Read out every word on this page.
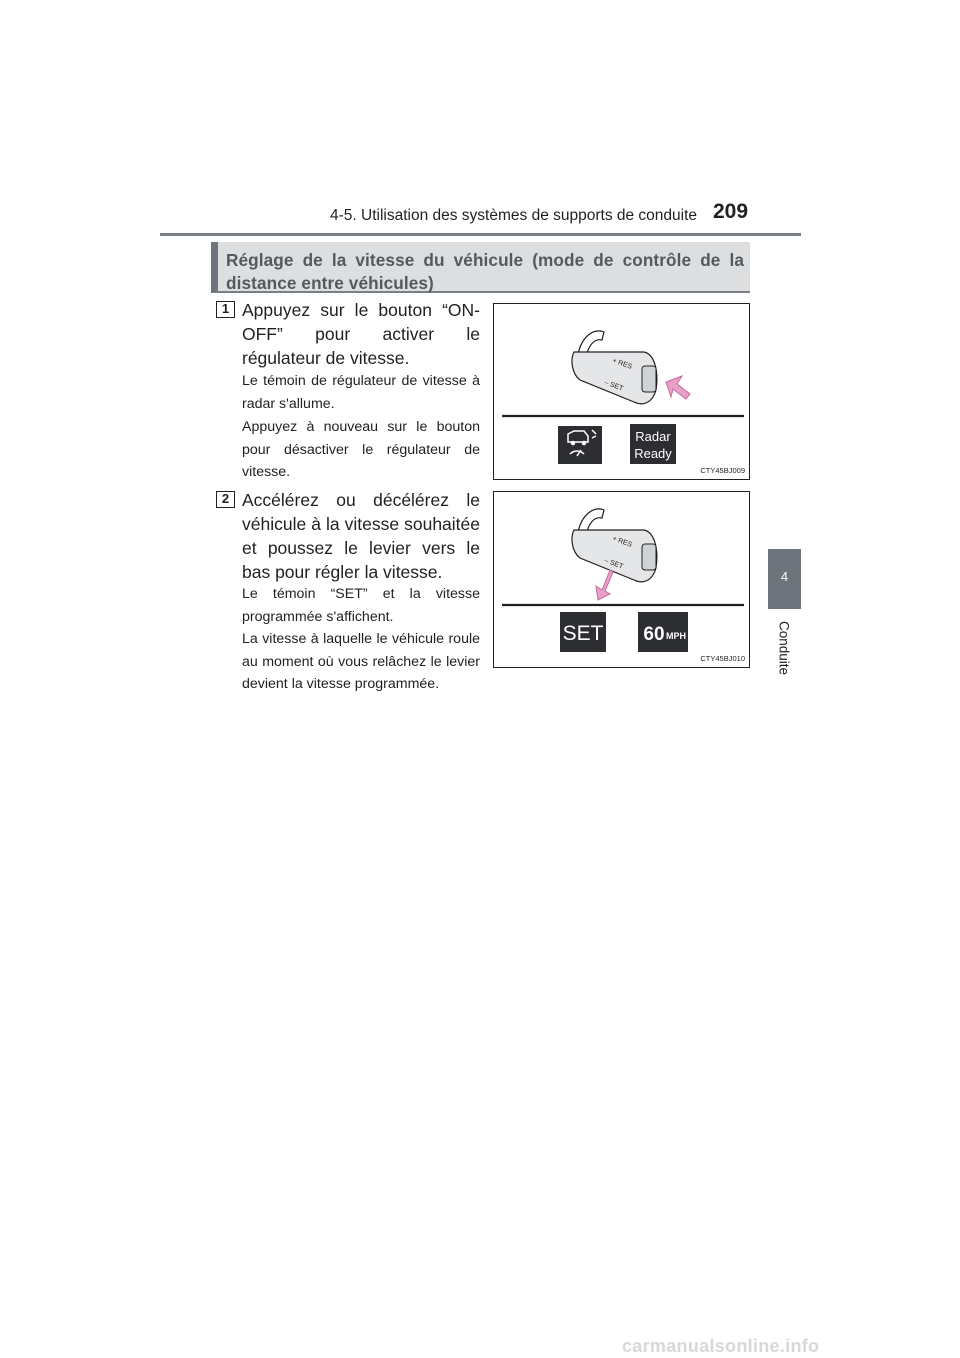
4-5. Utilisation des systèmes de supports de conduite 209
4
Conduite
Réglage de la vitesse du véhicule (mode de contrôle de la distance entre véhicules)
1 Appuyez sur le bouton “ON-OFF” pour activer le régulateur de vitesse.
Le témoin de régulateur de vitesse à radar s'allume.
Appuyez à nouveau sur le bouton pour désactiver le régulateur de vitesse.
+ RES
– SET
Radar
Ready
CTY45BJ009
2 Accélérez ou décélérez le véhicule à la vitesse souhaitée et poussez le levier vers le bas pour régler la vitesse.
Le témoin “SET” et la vitesse programmée s'affichent.
La vitesse à laquelle le véhicule roule au moment où vous relâchez le levier devient la vitesse programmée.
+ RES
– SET
SET 60 MPH
CTY45BJ010
carmanualsonline.info
